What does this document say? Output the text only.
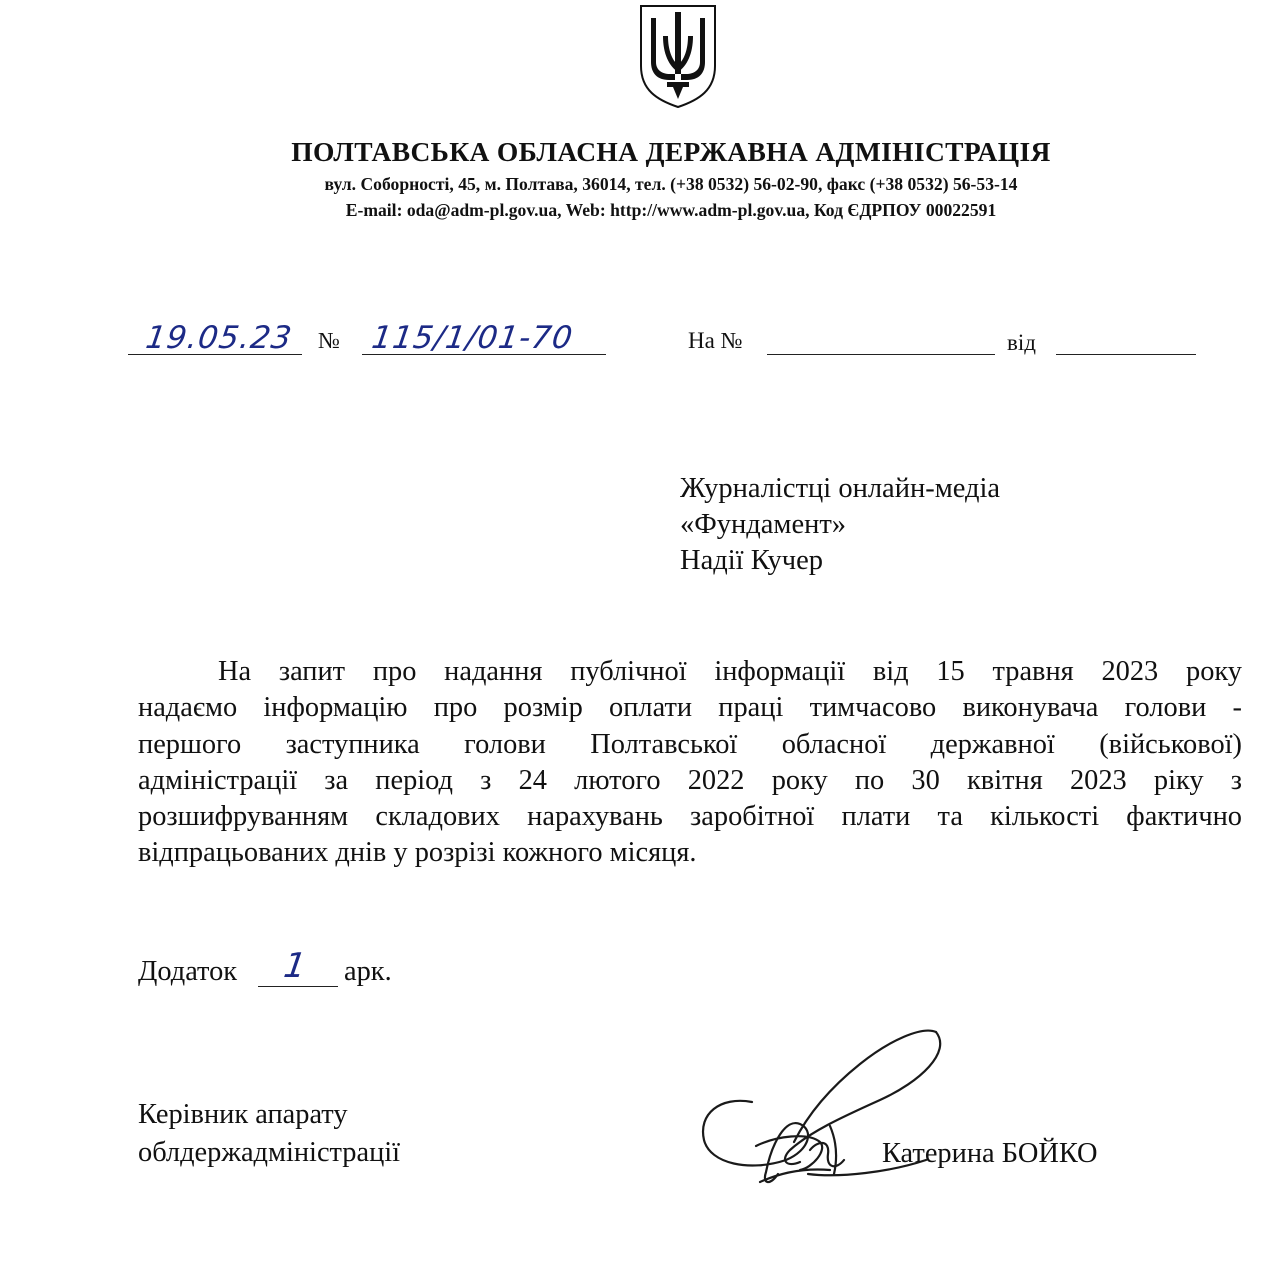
ПОЛТАВСЬКА ОБЛАСНА ДЕРЖАВНА АДМІНІСТРАЦІЯ
вул. Соборності, 45, м. Полтава, 36014, тел. (+38 0532) 56-02-90, факс (+38 0532) 56-53-14
E-mail: oda@adm-pl.gov.ua, Web: http://www.adm-pl.gov.ua, Код ЄДРПОУ 00022591
19.05.23 № 115/1/01-70	На №	від
Журналістці онлайн-медіа
«Фундамент»
Надії Кучер
На запит про надання публічної інформації від 15 травня 2023 року
надаємо інформацію про розмір оплати праці тимчасово виконувача голови -
першого заступника голови Полтавської обласної державної (військової)
адміністрації за період з 24 лютого 2022 року по 30 квітня 2023 ріку з
розшифруванням складових нарахувань заробітної плати та кількості фактично
відпрацьованих днів у розрізі кожного місяця.
Додаток 1 арк.
Керівник апарату
облдержадміністрації	Катерина БОЙКО
